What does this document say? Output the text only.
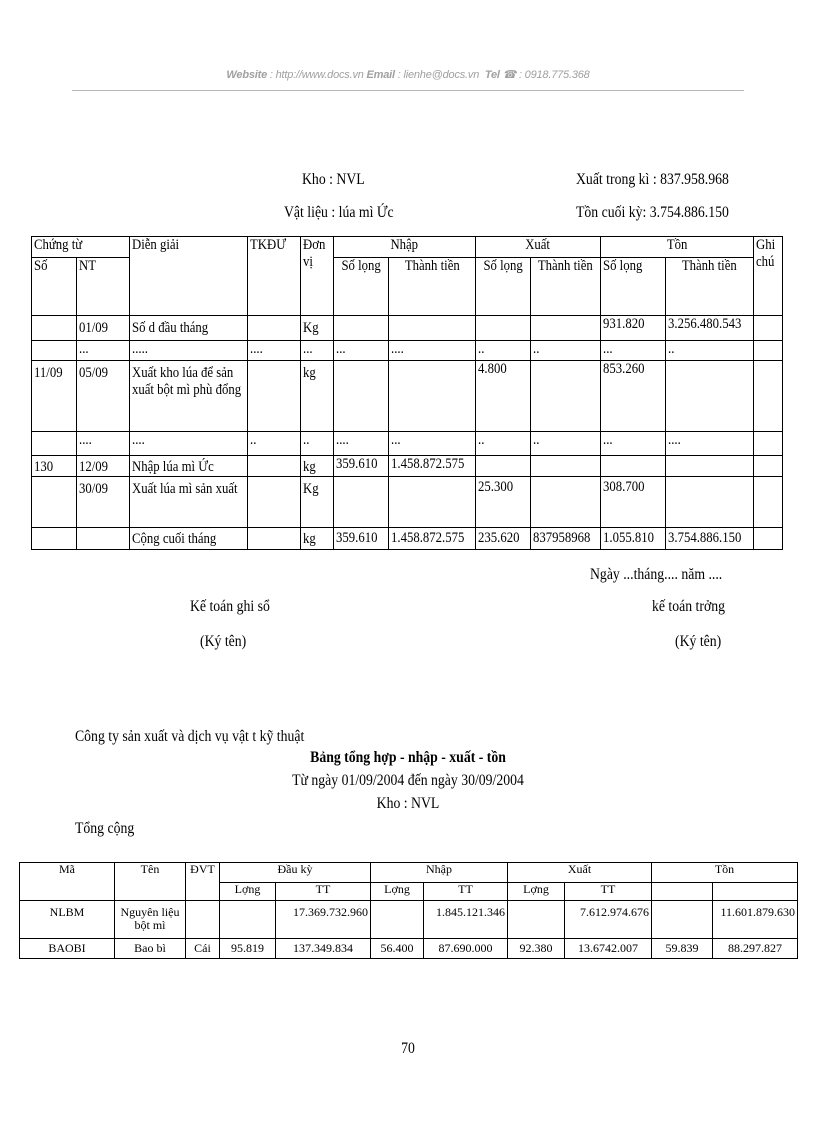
Website : http://www.docs.vn Email : lienhe@docs.vn Tel ☎ : 0918.775.368
Kho : NVL	Xuất trong kì : 837.958.968
Vật liệu : lúa mì Ức	Tồn cuối kỳ: 3.754.886.150
Chứng từ		Diễn giải	TKĐƯ	Đơn vị	Nhập		Xuất		Tồn		Ghi chú
Số	NT				Số lọng	Thành tiền	Số lọng	Thành tiền	Số lọng	Thành tiền	
	01/09	Số d đầu tháng		Kg					931.820	3.256.480.543	
	...	.....	....	...	...	....	..	..	...	..	
11/09	05/09	Xuất kho lúa để sản xuất bột mì phù đổng		kg			4.800		853.260		
	....	....	..	..	....	...	..	..	...	....	
130	12/09	Nhập lúa mì Ức		kg	359.610	1.458.872.575					
	30/09	Xuất lúa mì sản xuất		Kg			25.300		308.700		
		Cộng cuối tháng		kg	359.610	1.458.872.575	235.620	837958968	1.055.810	3.754.886.150	
Ngày ...tháng.... năm ....
Kế toán ghi sổ
(Ký tên)
kế toán trởng
(Ký tên)
Công ty sản xuất và dịch vụ vật t kỹ thuật
Bảng tổng hợp - nhập - xuất - tồn
Từ ngày 01/09/2004 đến ngày 30/09/2004
Kho : NVL
Tổng cộng
Mã	Tên	ĐVT	Đầu kỳ		Nhập		Xuất		Tồn	
			Lợng	TT	Lợng	TT	Lợng	TT		
NLBM	Nguyên liệu bột mì			17.369.732.960		1.845.121.346		7.612.974.676		11.601.879.630
BAOBI	Bao bì	Cái	95.819	137.349.834	56.400	87.690.000	92.380	13.6742.007	59.839	88.297.827
70
